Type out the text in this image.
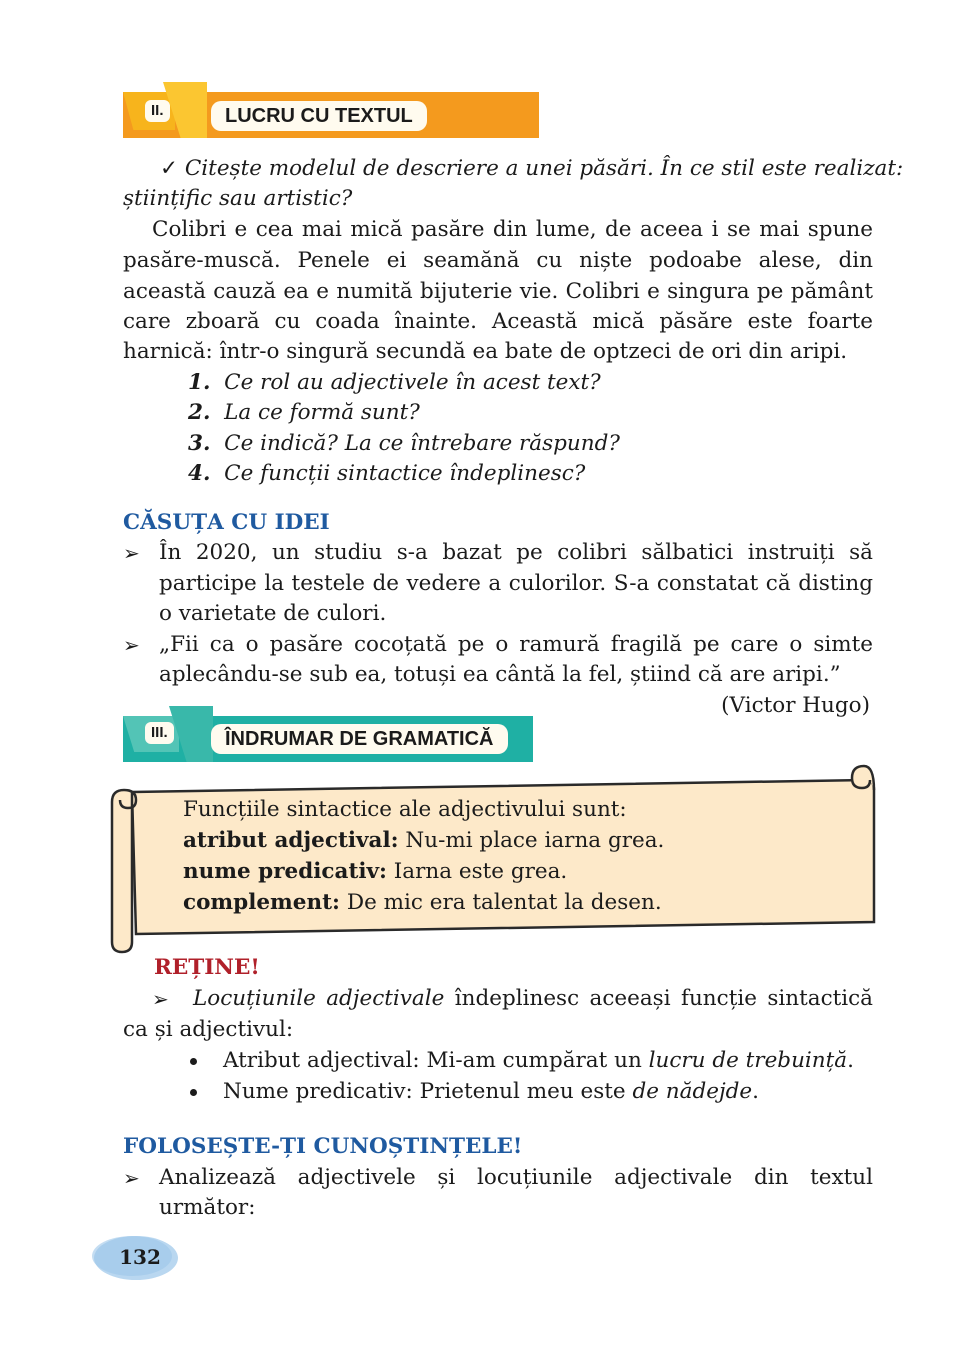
II.	LUCRU CU TEXTUL
✓ Citește modelul de descriere a unei păsări. În ce stil este realizat:
științific sau artistic?
Colibri e cea mai mică pasăre din lume, de aceea i se mai spune
pasăre-muscă. Penele ei seamănă cu niște podoabe alese, din
această cauză ea e numită bijuterie vie. Colibri e singura pe pământ
care zboară cu coada înainte. Această mică păsăre este foarte
harnică: într-o singură secundă ea bate de optzeci de ori din aripi.
1. Ce rol au adjectivele în acest text?
2. La ce formă sunt?
3. Ce indică? La ce întrebare răspund?
4. Ce funcții sintactice îndeplinesc?
CĂSUȚA CU IDEI
➢ În 2020, un studiu s-a bazat pe colibri sălbatici instruiți să
participe la testele de vedere a culorilor. S-a constatat că disting
o varietate de culori.
➢ „Fii ca o pasăre cocoțată pe o ramură fragilă pe care o simte
aplecându-se sub ea, totuși ea cântă la fel, știind că are aripi.”
(Victor Hugo)
III.	ÎNDRUMAR DE GRAMATICĂ
Funcțiile sintactice ale adjectivului sunt:
atribut adjectival: Nu-mi place iarna grea.
nume predicativ: Iarna este grea.
complement: De mic era talentat la desen.
REȚINE!
➢ Locuțiunile adjectivale îndeplinesc aceeași funcție sintactică
ca și adjectivul:
Atribut adjectival: Mi-am cumpărat un lucru de trebuință.
Nume predicativ: Prietenul meu este de nădejde.
FOLOSEȘTE-ȚI CUNOȘTINȚELE!
➢ Analizează adjectivele și locuțiunile adjectivale din textul
următor:
132
